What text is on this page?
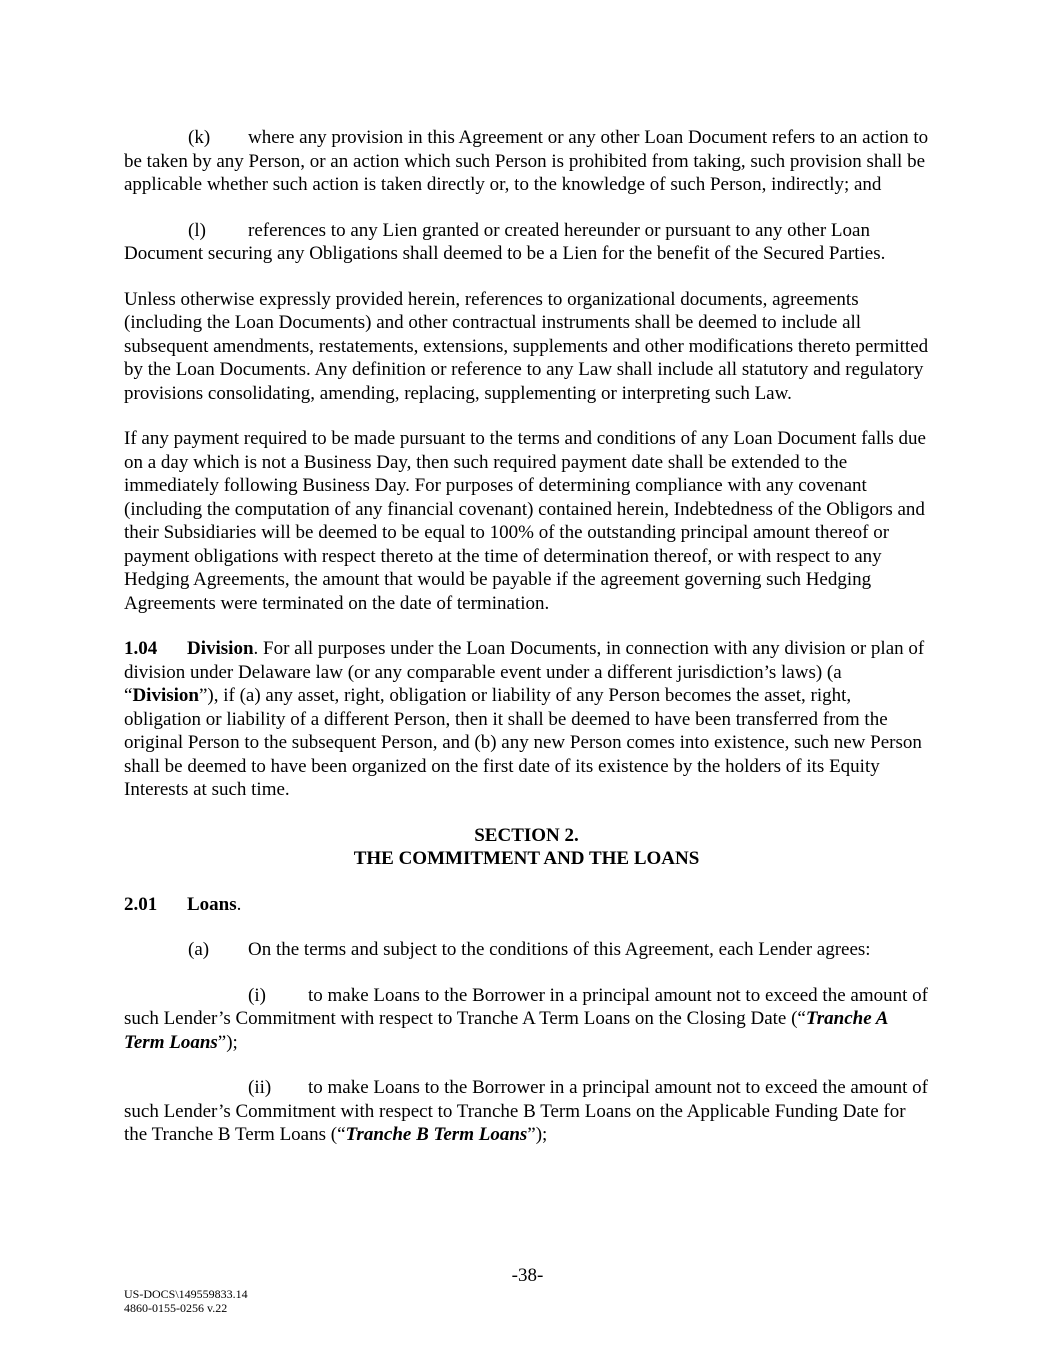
(k) where any provision in this Agreement or any other Loan Document refers to an action to be taken by any Person, or an action which such Person is prohibited from taking, such provision shall be applicable whether such action is taken directly or, to the knowledge of such Person, indirectly; and

(l) references to any Lien granted or created hereunder or pursuant to any other Loan Document securing any Obligations shall deemed to be a Lien for the benefit of the Secured Parties.

Unless otherwise expressly provided herein, references to organizational documents, agreements (including the Loan Documents) and other contractual instruments shall be deemed to include all subsequent amendments, restatements, extensions, supplements and other modifications thereto permitted by the Loan Documents. Any definition or reference to any Law shall include all statutory and regulatory provisions consolidating, amending, replacing, supplementing or interpreting such Law.

If any payment required to be made pursuant to the terms and conditions of any Loan Document falls due on a day which is not a Business Day, then such required payment date shall be extended to the immediately following Business Day. For purposes of determining compliance with any covenant (including the computation of any financial covenant) contained herein, Indebtedness of the Obligors and their Subsidiaries will be deemed to be equal to 100% of the outstanding principal amount thereof or payment obligations with respect thereto at the time of determination thereof, or with respect to any Hedging Agreements, the amount that would be payable if the agreement governing such Hedging Agreements were terminated on the date of termination.

1.04 Division. For all purposes under the Loan Documents, in connection with any division or plan of division under Delaware law (or any comparable event under a different jurisdiction’s laws) (a “Division”), if (a) any asset, right, obligation or liability of any Person becomes the asset, right, obligation or liability of a different Person, then it shall be deemed to have been transferred from the original Person to the subsequent Person, and (b) any new Person comes into existence, such new Person shall be deemed to have been organized on the first date of its existence by the holders of its Equity Interests at such time.

SECTION 2.

THE COMMITMENT AND THE LOANS

2.01 Loans.

(a) On the terms and subject to the conditions of this Agreement, each Lender agrees:

(i) to make Loans to the Borrower in a principal amount not to exceed the amount of such Lender’s Commitment with respect to Tranche A Term Loans on the Closing Date (“Tranche A Term Loans”);

(ii) to make Loans to the Borrower in a principal amount not to exceed the amount of such Lender’s Commitment with respect to Tranche B Term Loans on the Applicable Funding Date for the Tranche B Term Loans (“Tranche B Term Loans”);

-38-
US-DOCS\149559833.14
4860-0155-0256 v.22
